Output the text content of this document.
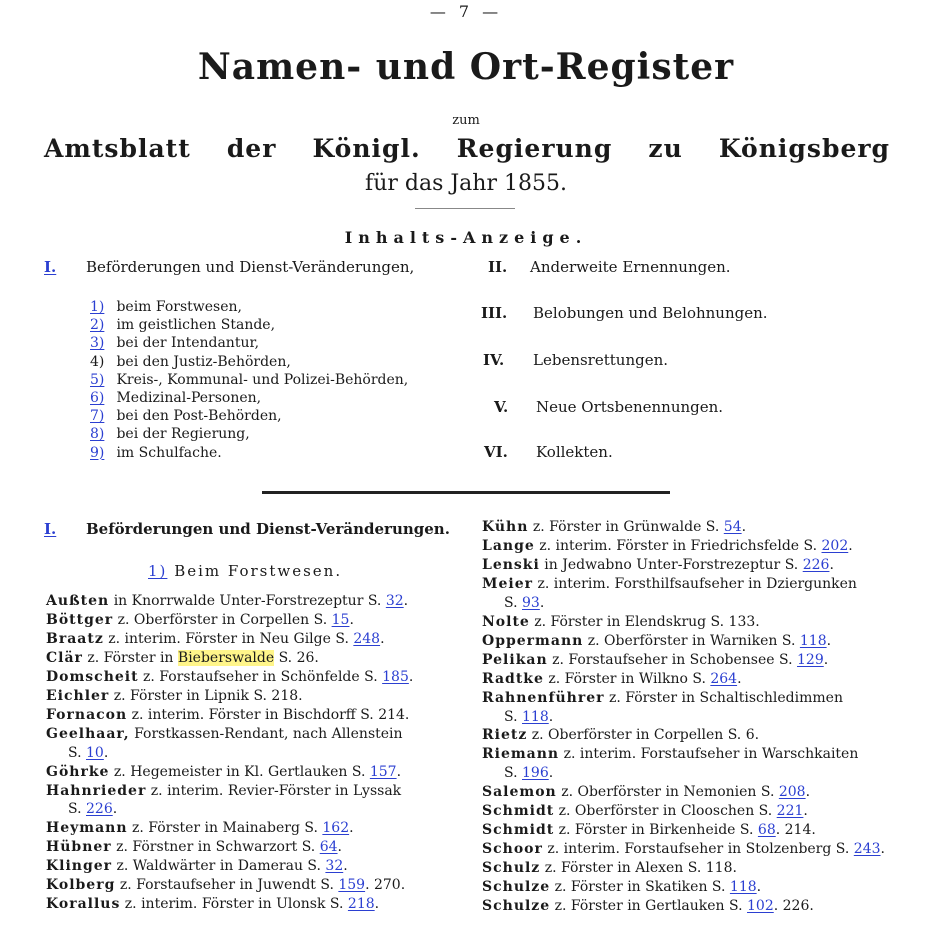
— 7 —
Namen- und Ort-Register
zum
Amtsblatt der Königl. Regierung zu Königsberg
für das Jahr 1855.
Inhalts-Anzeige.
I. Beförderungen und Dienst-Veränderungen,
1) beim Forstwesen,
2) im geistlichen Stande,
3) bei der Intendantur,
4) bei den Justiz-Behörden,
5) Kreis-, Kommunal- und Polizei-Behörden,
6) Medizinal-Personen,
7) bei den Post-Behörden,
8) bei der Regierung,
9) im Schulfache.
II. Anderweite Ernennungen.
III. Belobungen und Belohnungen.
IV. Lebensrettungen.
V. Neue Ortsbenennungen.
VI. Kollekten.
I. Beförderungen und Dienst-Veränderungen.
1) Beim Forstwesen.
Außten in Knorrwalde Unter-Forstrezeptur S. 32.
Böttger z. Oberförster in Corpellen S. 15.
Braatz z. interim. Förster in Neu Gilge S. 248.
Clär z. Förster in Bieberswalde S. 26.
Domscheit z. Forstaufseher in Schönfelde S. 185.
Eichler z. Förster in Lipnik S. 218.
Fornacon z. interim. Förster in Bischdorff S. 214.
Geelhaar, Forstkassen-Rendant, nach Allenstein
S. 10.
Göhrke z. Hegemeister in Kl. Gertlauken S. 157.
Hahnrieder z. interim. Revier-Förster in Lyssak
S. 226.
Heymann z. Förster in Mainaberg S. 162.
Hübner z. Förstner in Schwarzort S. 64.
Klinger z. Waldwärter in Damerau S. 32.
Kolberg z. Forstaufseher in Juwendt S. 159. 270.
Korallus z. interim. Förster in Ulonsk S. 218.
Kühn z. Förster in Grünwalde S. 54.
Lange z. interim. Förster in Friedrichsfelde S. 202.
Lenski in Jedwabno Unter-Forstrezeptur S. 226.
Meier z. interim. Forsthilfsaufseher in Dziergunken
S. 93.
Nolte z. Förster in Elendskrug S. 133.
Oppermann z. Oberförster in Warniken S. 118.
Pelikan z. Forstaufseher in Schobensee S. 129.
Radtke z. Förster in Wilkno S. 264.
Rahnenführer z. Förster in Schaltischledimmen
S. 118.
Rietz z. Oberförster in Corpellen S. 6.
Riemann z. interim. Forstaufseher in Warschkaiten
S. 196.
Salemon z. Oberförster in Nemonien S. 208.
Schmidt z. Oberförster in Clooschen S. 221.
Schmidt z. Förster in Birkenheide S. 68. 214.
Schoor z. interim. Forstaufseher in Stolzenberg S. 243.
Schulz z. Förster in Alexen S. 118.
Schulze z. Förster in Skatiken S. 118.
Schulze z. Förster in Gertlauken S. 102. 226.
